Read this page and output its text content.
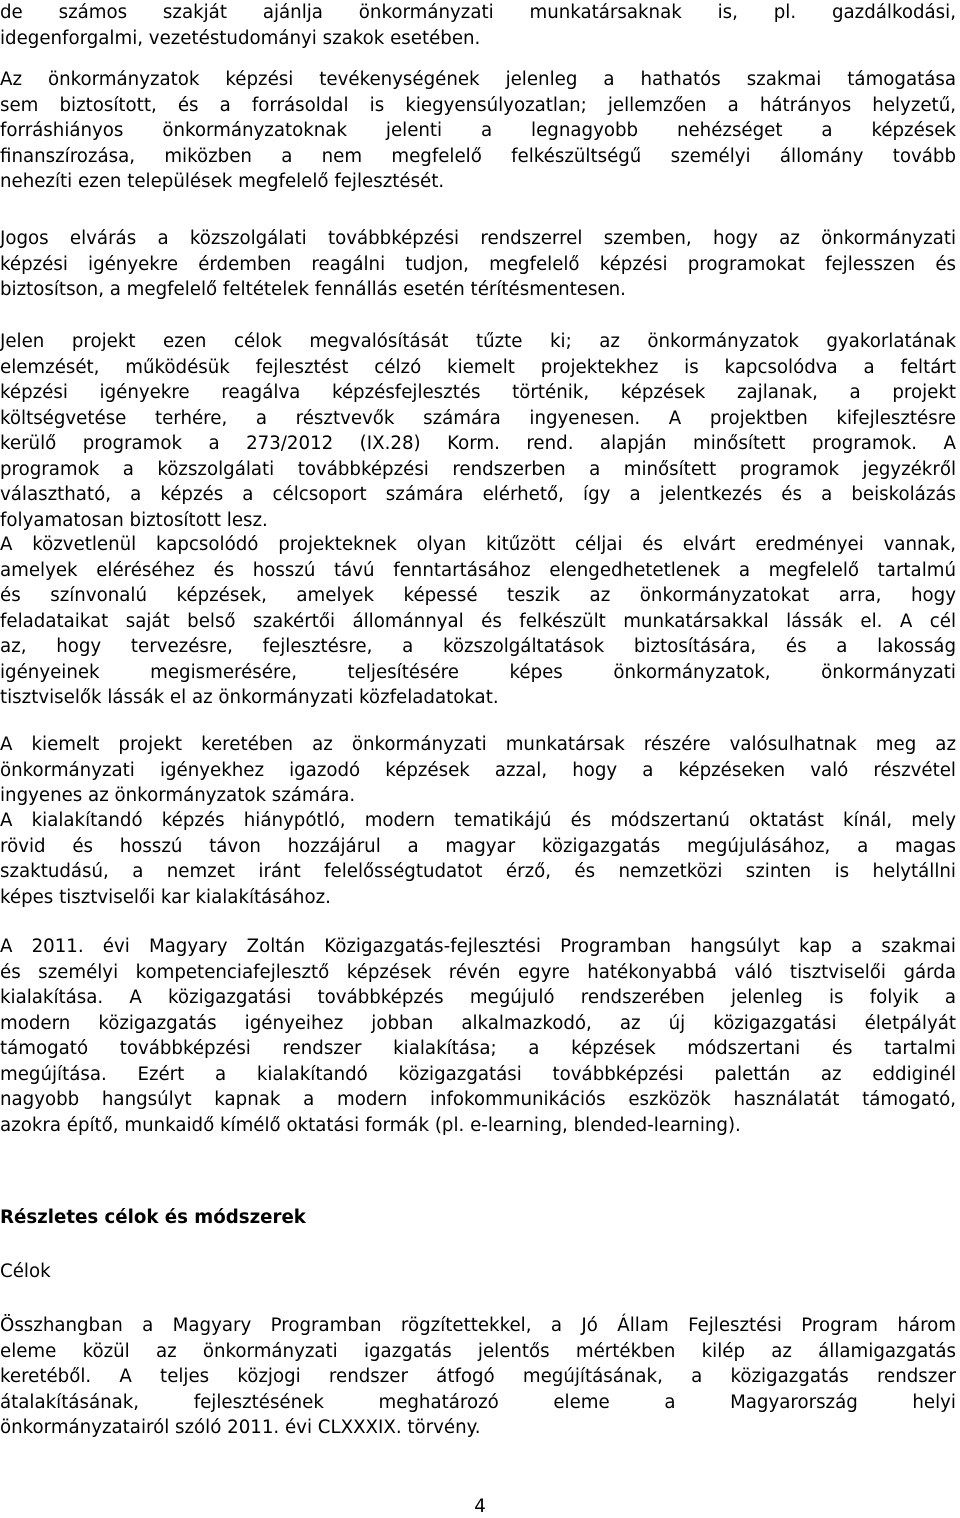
de számos szakját ajánlja önkormányzati munkatársaknak is, pl. gazdálkodási,
idegenforgalmi, vezetéstudományi szakok esetében.
Az önkormányzatok képzési tevékenységének jelenleg a hathatós szakmai támogatása
sem biztosított, és a forrásoldal is kiegyensúlyozatlan; jellemzően a hátrányos helyzetű,
forráshiányos önkormányzatoknak jelenti a legnagyobb nehézséget a képzések
finanszírozása, miközben a nem megfelelő felkészültségű személyi állomány tovább
nehezíti ezen települések megfelelő fejlesztését.
Jogos elvárás a közszolgálati továbbképzési rendszerrel szemben, hogy az önkormányzati
képzési igényekre érdemben reagálni tudjon, megfelelő képzési programokat fejlesszen és
biztosítson, a megfelelő feltételek fennállás esetén térítésmentesen.
Jelen projekt ezen célok megvalósítását tűzte ki; az önkormányzatok gyakorlatának
elemzését, működésük fejlesztést célzó kiemelt projektekhez is kapcsolódva a feltárt
képzési igényekre reagálva képzésfejlesztés történik, képzések zajlanak, a projekt
költségvetése terhére, a résztvevők számára ingyenesen. A projektben kifejlesztésre
kerülő programok a 273/2012 (IX.28) Korm. rend. alapján minősített programok. A
programok a közszolgálati továbbképzési rendszerben a minősített programok jegyzékről
választható, a képzés a célcsoport számára elérhető, így a jelentkezés és a beiskolázás
folyamatosan biztosított lesz.
A közvetlenül kapcsolódó projekteknek olyan kitűzött céljai és elvárt eredményei vannak,
amelyek eléréséhez és hosszú távú fenntartásához elengedhetetlenek a megfelelő tartalmú
és színvonalú képzések, amelyek képessé teszik az önkormányzatokat arra, hogy
feladataikat saját belső szakértői állománnyal és felkészült munkatársakkal lássák el. A cél
az, hogy tervezésre, fejlesztésre, a közszolgáltatások biztosítására, és a lakosság
igényeinek megismerésére, teljesítésére képes önkormányzatok, önkormányzati
tisztviselők lássák el az önkormányzati közfeladatokat.
A kiemelt projekt keretében az önkormányzati munkatársak részére valósulhatnak meg az
önkormányzati igényekhez igazodó képzések azzal, hogy a képzéseken való részvétel
ingyenes az önkormányzatok számára.
A kialakítandó képzés hiánypótló, modern tematikájú és módszertanú oktatást kínál, mely
rövid és hosszú távon hozzájárul a magyar közigazgatás megújulásához, a magas
szaktudású, a nemzet iránt felelősségtudatot érző, és nemzetközi szinten is helytállni
képes tisztviselői kar kialakításához.
A 2011. évi Magyary Zoltán Közigazgatás-fejlesztési Programban hangsúlyt kap a szakmai
és személyi kompetenciafejlesztő képzések révén egyre hatékonyabbá váló tisztviselői gárda
kialakítása. A közigazgatási továbbképzés megújuló rendszerében jelenleg is folyik a
modern közigazgatás igényeihez jobban alkalmazkodó, az új közigazgatási életpályát
támogató továbbképzési rendszer kialakítása; a képzések módszertani és tartalmi
megújítása. Ezért a kialakítandó közigazgatási továbbképzési palettán az eddiginél
nagyobb hangsúlyt kapnak a modern infokommunikációs eszközök használatát támogató,
azokra építő, munkaidő kímélő oktatási formák (pl. e-learning, blended-learning).
Részletes célok és módszerek
Célok
Összhangban a Magyary Programban rögzítettekkel, a Jó Állam Fejlesztési Program három
eleme közül az önkormányzati igazgatás jelentős mértékben kilép az államigazgatás
keretéből. A teljes közjogi rendszer átfogó megújításának, a közigazgatás rendszer
átalakításának, fejlesztésének meghatározó eleme a Magyarország helyi
önkormányzatairól szóló 2011. évi CLXXXIX. törvény.
4
